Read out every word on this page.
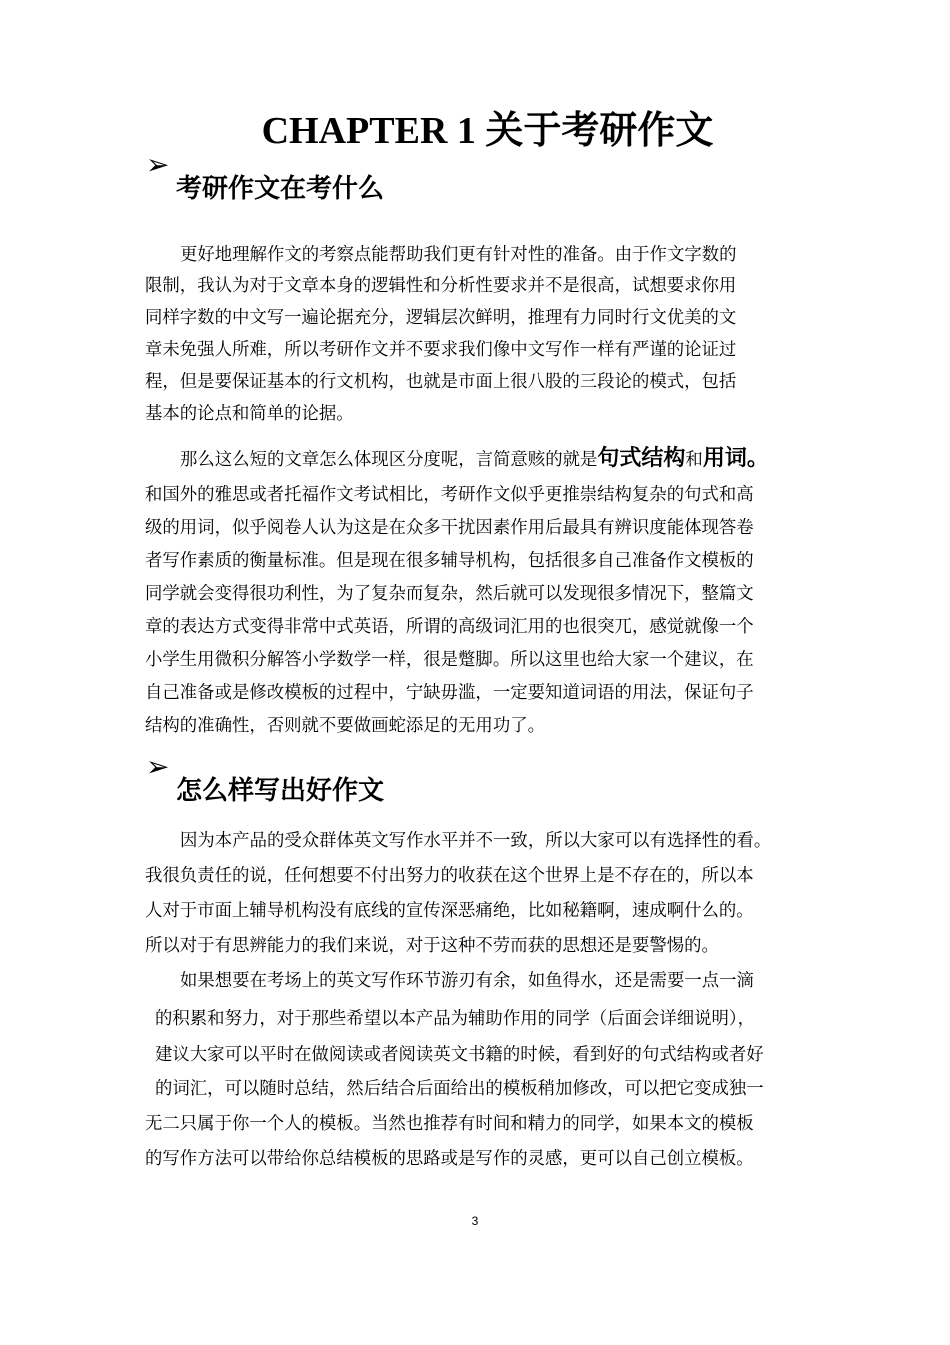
CHAPTER 1 关于考研作文
➢
考研作文在考什么

更好地理解作文的考察点能帮助我们更有针对性的准备。由于作文字数的

限制，我认为对于文章本身的逻辑性和分析性要求并不是很高，试想要求你用

同样字数的中文写一遍论据充分，逻辑层次鲜明，推理有力同时行文优美的文

章未免强人所难，所以考研作文并不要求我们像中文写作一样有严谨的论证过

程，但是要保证基本的行文机构，也就是市面上很八股的三段论的模式，包括

基本的论点和简单的论据。

那么这么短的文章怎么体现区分度呢，言简意赅的就是句式结构和用词。

和国外的雅思或者托福作文考试相比，考研作文似乎更推崇结构复杂的句式和高

级的用词，似乎阅卷人认为这是在众多干扰因素作用后最具有辨识度能体现答卷

者写作素质的衡量标准。但是现在很多辅导机构，包括很多自己准备作文模板的

同学就会变得很功利性，为了复杂而复杂，然后就可以发现很多情况下，整篇文

章的表达方式变得非常中式英语，所谓的高级词汇用的也很突兀，感觉就像一个

小学生用微积分解答小学数学一样，很是蹩脚。所以这里也给大家一个建议，在

自己准备或是修改模板的过程中，宁缺毋滥，一定要知道词语的用法，保证句子

结构的准确性，否则就不要做画蛇添足的无用功了。

➢
怎么样写出好作文

因为本产品的受众群体英文写作水平并不一致，所以大家可以有选择性的看。

我很负责任的说，任何想要不付出努力的收获在这个世界上是不存在的，所以本

人对于市面上辅导机构没有底线的宣传深恶痛绝，比如秘籍啊，速成啊什么的。

所以对于有思辨能力的我们来说，对于这种不劳而获的思想还是要警惕的。

如果想要在考场上的英文写作环节游刃有余，如鱼得水，还是需要一点一滴

的积累和努力，对于那些希望以本产品为辅助作用的同学（后面会详细说明），

建议大家可以平时在做阅读或者阅读英文书籍的时候，看到好的句式结构或者好

的词汇，可以随时总结，然后结合后面给出的模板稍加修改，可以把它变成独一

无二只属于你一个人的模板。当然也推荐有时间和精力的同学，如果本文的模板

的写作方法可以带给你总结模板的思路或是写作的灵感，更可以自己创立模板。

3
